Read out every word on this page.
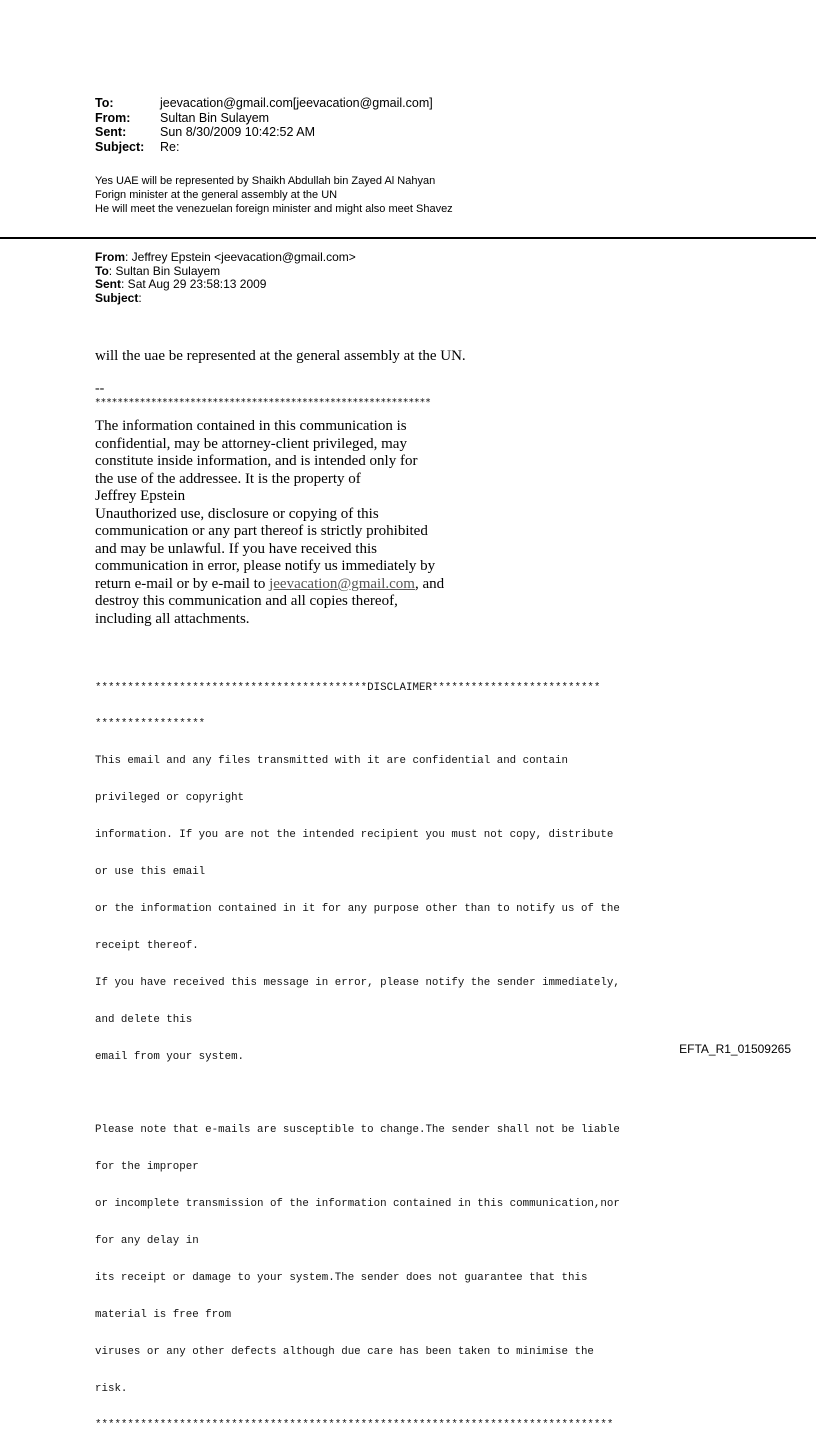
To:	jeevacation@gmail.com[jeevacation@gmail.com]
From:	Sultan Bin Sulayem
Sent:	Sun 8/30/2009 10:42:52 AM
Subject:	Re:
Yes UAE will be represented by Shaikh Abdullah bin Zayed Al Nahyan
Forign minister at the general assembly at the UN
He will meet the venezuelan foreign minister and might also meet Shavez
From: Jeffrey Epstein <jeevacation@gmail.com>
To: Sultan Bin Sulayem
Sent: Sat Aug 29 23:58:13 2009
Subject:
will the uae be represented at the general assembly at the UN.
--
************************************************************
The information contained in this communication is
confidential, may be attorney-client privileged, may
constitute inside information, and is intended only for
the use of the addressee. It is the property of
Jeffrey Epstein
Unauthorized use, disclosure or copying of this
communication or any part thereof is strictly prohibited
and may be unlawful. If you have received this
communication in error, please notify us immediately by
return e-mail or by e-mail to jeevacation@gmail.com, and
destroy this communication and all copies thereof,
including all attachments.

******************************************DISCLAIMER**************************

*****************

This email and any files transmitted with it are confidential and contain

privileged or copyright

information. If you are not the intended recipient you must not copy, distribute

or use this email

or the information contained in it for any purpose other than to notify us of the

receipt thereof.

If you have received this message in error, please notify the sender immediately,

and delete this

email from your system.

Please note that e-mails are susceptible to change.The sender shall not be liable

for the improper

or incomplete transmission of the information contained in this communication,nor

for any delay in

its receipt or damage to your system.The sender does not guarantee that this

material is free from

viruses or any other defects although due care has been taken to minimise the

risk.

********************************************************************************

EFTA_R1_01509265
